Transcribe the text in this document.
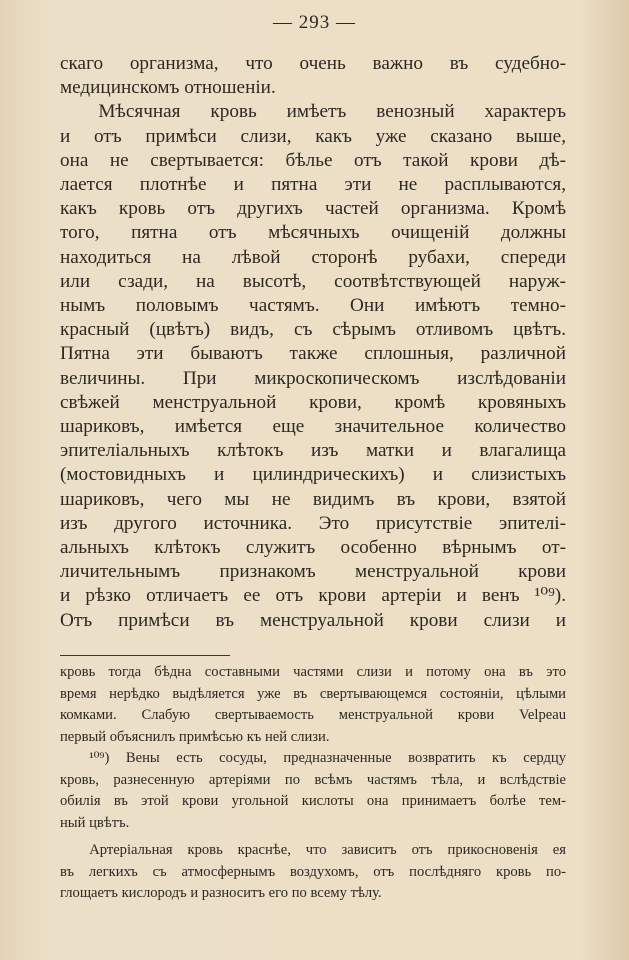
— 293 —
скаго организма, что очень важно въ судебно-
медицинскомъ отношеніи.
  Мѣсячная кровь имѣетъ венозный характеръ
и отъ примѣси слизи, какъ уже сказано выше,
она не свертывается: бѣлье отъ такой крови дѣ-
лается плотнѣе и пятна эти не расплываются,
какъ кровь отъ другихъ частей организма. Кромѣ
того, пятна отъ мѣсячныхъ очищеній должны
находиться на лѣвой сторонѣ рубахи, спереди
или сзади, на высотѣ, соотвѣтствующей наруж-
нымъ половымъ частямъ. Они имѣютъ темно-
красный (цвѣтъ) видъ, съ сѣрымъ отливомъ цвѣтъ.
Пятна эти бываютъ также сплошныя, различной
величины. При микроскопическомъ изслѣдованіи
свѣжей менструальной крови, кромѣ кровяныхъ
шариковъ, имѣется еще значительное количество
эпителіальныхъ клѣтокъ изъ матки и влагалища
(мостовидныхъ и цилиндрическихъ) и слизистыхъ
шариковъ, чего мы не видимъ въ крови, взятой
изъ другого источника. Это присутствіе эпителі-
альныхъ клѣтокъ служитъ особенно вѣрнымъ от-
личительнымъ признакомъ менструальной крови
и рѣзко отличаетъ ее отъ крови артеріи и венъ ¹⁰⁹).
Отъ примѣси въ менструальной крови слизи и
кровь тогда бѣдна составными частями слизи и потому она въ это
время нерѣдко выдѣляется уже въ свертывающемся состояніи, цѣлыми
комками. Слабую свертываемость менструальной крови Velpeau
первый объяснилъ примѣсью къ ней слизи.
  ¹⁰⁹) Вены есть сосуды, предназначенные возвратить къ сердцу
кровь, разнесенную артеріями по всѣмъ частямъ тѣла, и вслѣдствіе
обилія въ этой крови угольной кислоты она принимаетъ болѣе тем-
ный цвѣтъ.
  Артеріальная кровь краснѣе, что зависитъ отъ прикосновенія ея
въ легкихъ съ атмосфернымъ воздухомъ, отъ послѣдняго кровь по-
глощаетъ кислородъ и разноситъ его по всему тѣлу.
